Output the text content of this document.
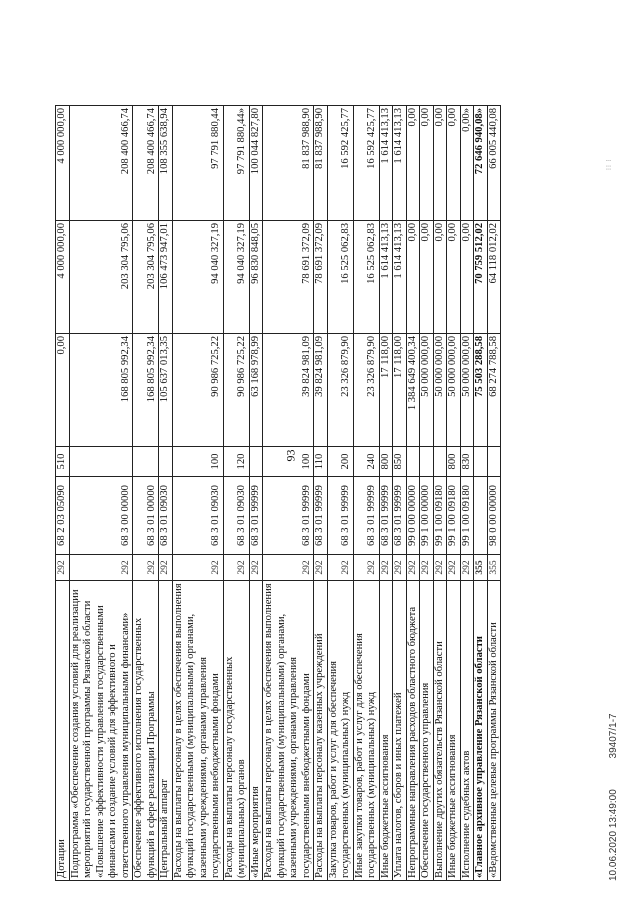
93
Дотации	292	68 2 03 05090	510	0,00	4 000 000,00	4 000 000,00
Подпрограмма «Обеспечение создания условий для реализации мероприятий государственной программы Рязанской области «Повышение эффективности управления государственными финансами и создание условий для эффективного и ответственного управления муниципальными финансами»	292	68 3 00 00000		168 805 992,34	203 304 795,06	208 400 466,74
Обеспечение эффективного исполнения государственных функций в сфере реализации Программы	292	68 3 01 00000		168 805 992,34	203 304 795,06	208 400 466,74
Центральный аппарат	292	68 3 01 09030		105 637 013,35	106 473 947,01	108 355 638,94
Расходы на выплаты персоналу в целях обеспечения выполнения функций государственными (муниципальными) органами, казенными учреждениями, органами управления государственными внебюджетными фондами	292	68 3 01 09030	100	90 986 725,22	94 040 327,19	97 791 880,44
Расходы на выплаты персоналу государственных (муниципальных) органов	292	68 3 01 09030	120	90 986 725,22	94 040 327,19	97 791 880,44»
«Иные мероприятия	292	68 3 01 99999		63 168 978,99	96 830 848,05	100 044 827,80
Расходы на выплаты персоналу в целях обеспечения выполнения функций государственными (муниципальными) органами, казенными учреждениями, органами управления государственными внебюджетными фондами	292	68 3 01 99999	100	39 824 981,09	78 691 372,09	81 837 988,90
Расходы на выплаты персоналу казенных учреждений	292	68 3 01 99999	110	39 824 981,09	78 691 372,09	81 837 988,90
Закупка товаров, работ и услуг для обеспечения государственных (муниципальных) нужд	292	68 3 01 99999	200	23 326 879,90	16 525 062,83	16 592 425,77
Иные закупки товаров, работ и услуг для обеспечения государственных (муниципальных) нужд	292	68 3 01 99999	240	23 326 879,90	16 525 062,83	16 592 425,77
Иные бюджетные ассигнования	292	68 3 01 99999	800	17 118,00	1 614 413,13	1 614 413,13
Уплата налогов, сборов и иных платежей	292	68 3 01 99999	850	17 118,00	1 614 413,13	1 614 413,13
Непрограммные направления расходов областного бюджета	292	99 0 00 00000		1 384 649 400,34	0,00	0,00
Обеспечение государственного управления	292	99 1 00 00000		50 000 000,00	0,00	0,00
Выполнение других обязательств Рязанской области	292	99 1 00 09180		50 000 000,00	0,00	0,00
Иные бюджетные ассигнования	292	99 1 00 09180	800	50 000 000,00	0,00	0,00
Исполнение судебных актов	292	99 1 00 09180	830	50 000 000,00	0,00	0,00»
«Главное архивное управление Рязанской области	355			75 503 288,58	70 759 512,02	72 646 940,08»
«Ведомственные целевые программы Рязанской области	355	98 0 00 00000		68 274 788,58	64 118 012,02	66 005 440,08
10.06.2020 13:49:00 39407/1-7
⁞⁞ ⁞
